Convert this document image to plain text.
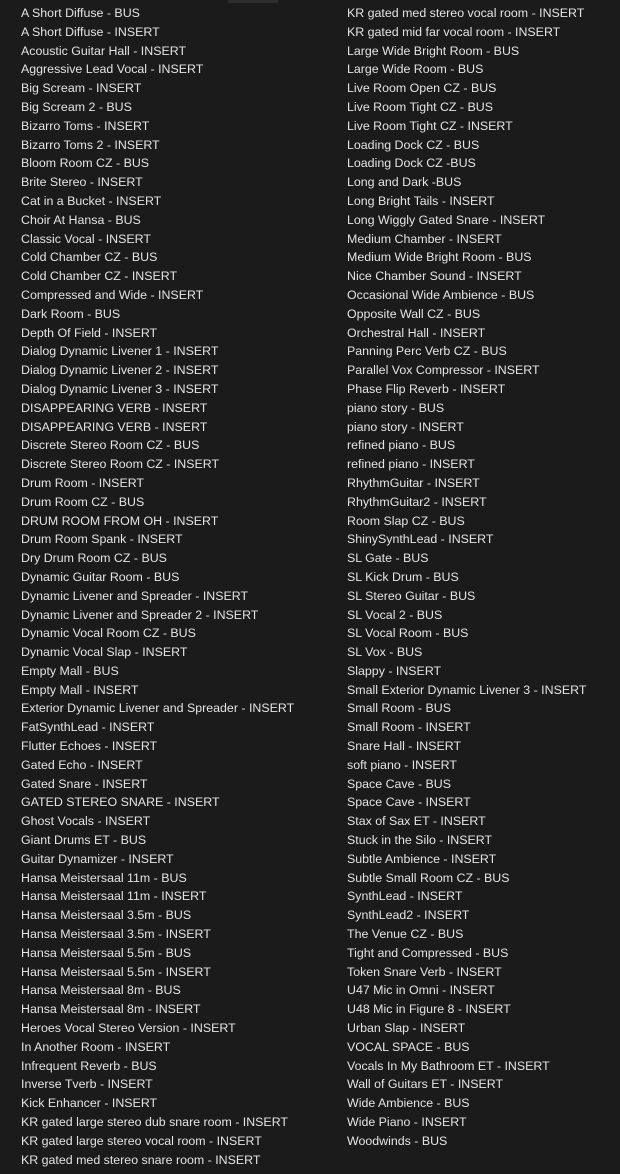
A Short Diffuse - BUS
A Short Diffuse - INSERT
Acoustic Guitar Hall - INSERT
Aggressive Lead Vocal - INSERT
Big Scream - INSERT
Big Scream 2 - BUS
Bizarro Toms - INSERT
Bizarro Toms 2 - INSERT
Bloom Room CZ - BUS
Brite Stereo - INSERT
Cat in a Bucket - INSERT
Choir At Hansa - BUS
Classic Vocal - INSERT
Cold Chamber CZ - BUS
Cold Chamber CZ - INSERT
Compressed and Wide - INSERT
Dark Room - BUS
Depth Of Field - INSERT
Dialog Dynamic Livener 1 - INSERT
Dialog Dynamic Livener 2 - INSERT
Dialog Dynamic Livener 3 - INSERT
DISAPPEARING VERB - INSERT
DISAPPEARING VERB - INSERT
Discrete Stereo Room CZ - BUS
Discrete Stereo Room CZ - INSERT
Drum Room - INSERT
Drum Room CZ - BUS
DRUM ROOM FROM OH - INSERT
Drum Room Spank - INSERT
Dry Drum Room CZ - BUS
Dynamic Guitar Room - BUS
Dynamic Livener and Spreader - INSERT
Dynamic Livener and Spreader 2 - INSERT
Dynamic Vocal Room CZ - BUS
Dynamic Vocal Slap - INSERT
Empty Mall - BUS
Empty Mall - INSERT
Exterior Dynamic Livener and Spreader - INSERT
FatSynthLead - INSERT
Flutter Echoes - INSERT
Gated Echo - INSERT
Gated Snare - INSERT
GATED STEREO SNARE - INSERT
Ghost Vocals - INSERT
Giant Drums ET - BUS
Guitar Dynamizer - INSERT
Hansa Meistersaal 11m - BUS
Hansa Meistersaal 11m - INSERT
Hansa Meistersaal 3.5m - BUS
Hansa Meistersaal 3.5m - INSERT
Hansa Meistersaal 5.5m - BUS
Hansa Meistersaal 5.5m - INSERT
Hansa Meistersaal 8m - BUS
Hansa Meistersaal 8m - INSERT
Heroes Vocal Stereo Version - INSERT
In Another Room - INSERT
Infrequent Reverb - BUS
Inverse Tverb - INSERT
Kick Enhancer - INSERT
KR gated large stereo dub snare room - INSERT
KR gated large stereo vocal room - INSERT
KR gated med stereo snare room - INSERT
KR gated med stereo vocal room - INSERT
KR gated mid far vocal room - INSERT
Large Wide Bright Room - BUS
Large Wide Room - BUS
Live Room Open CZ - BUS
Live Room Tight CZ - BUS
Live Room Tight CZ - INSERT
Loading Dock CZ - BUS
Loading Dock CZ -BUS
Long and Dark -BUS
Long Bright Tails - INSERT
Long Wiggly Gated Snare - INSERT
Medium Chamber - INSERT
Medium Wide Bright Room - BUS
Nice Chamber Sound - INSERT
Occasional Wide Ambience - BUS
Opposite Wall CZ - BUS
Orchestral Hall - INSERT
Panning Perc Verb CZ - BUS
Parallel Vox Compressor - INSERT
Phase Flip Reverb - INSERT
piano story - BUS
piano story - INSERT
refined piano - BUS
refined piano - INSERT
RhythmGuitar - INSERT
RhythmGuitar2 - INSERT
Room Slap CZ - BUS
ShinySynthLead - INSERT
SL Gate - BUS
SL Kick Drum - BUS
SL Stereo Guitar - BUS
SL Vocal 2 - BUS
SL Vocal Room - BUS
SL Vox - BUS
Slappy - INSERT
Small Exterior Dynamic Livener 3 - INSERT
Small Room - BUS
Small Room - INSERT
Snare Hall - INSERT
soft piano - INSERT
Space Cave - BUS
Space Cave - INSERT
Stax of Sax ET - INSERT
Stuck in the Silo - INSERT
Subtle Ambience - INSERT
Subtle Small Room CZ - BUS
SynthLead - INSERT
SynthLead2 - INSERT
The Venue CZ - BUS
Tight and Compressed - BUS
Token Snare Verb - INSERT
U47 Mic in Omni - INSERT
U48 Mic in Figure 8 - INSERT
Urban Slap - INSERT
VOCAL SPACE - BUS
Vocals In My Bathroom ET - INSERT
Wall of Guitars ET - INSERT
Wide Ambience - BUS
Wide Piano - INSERT
Woodwinds - BUS
